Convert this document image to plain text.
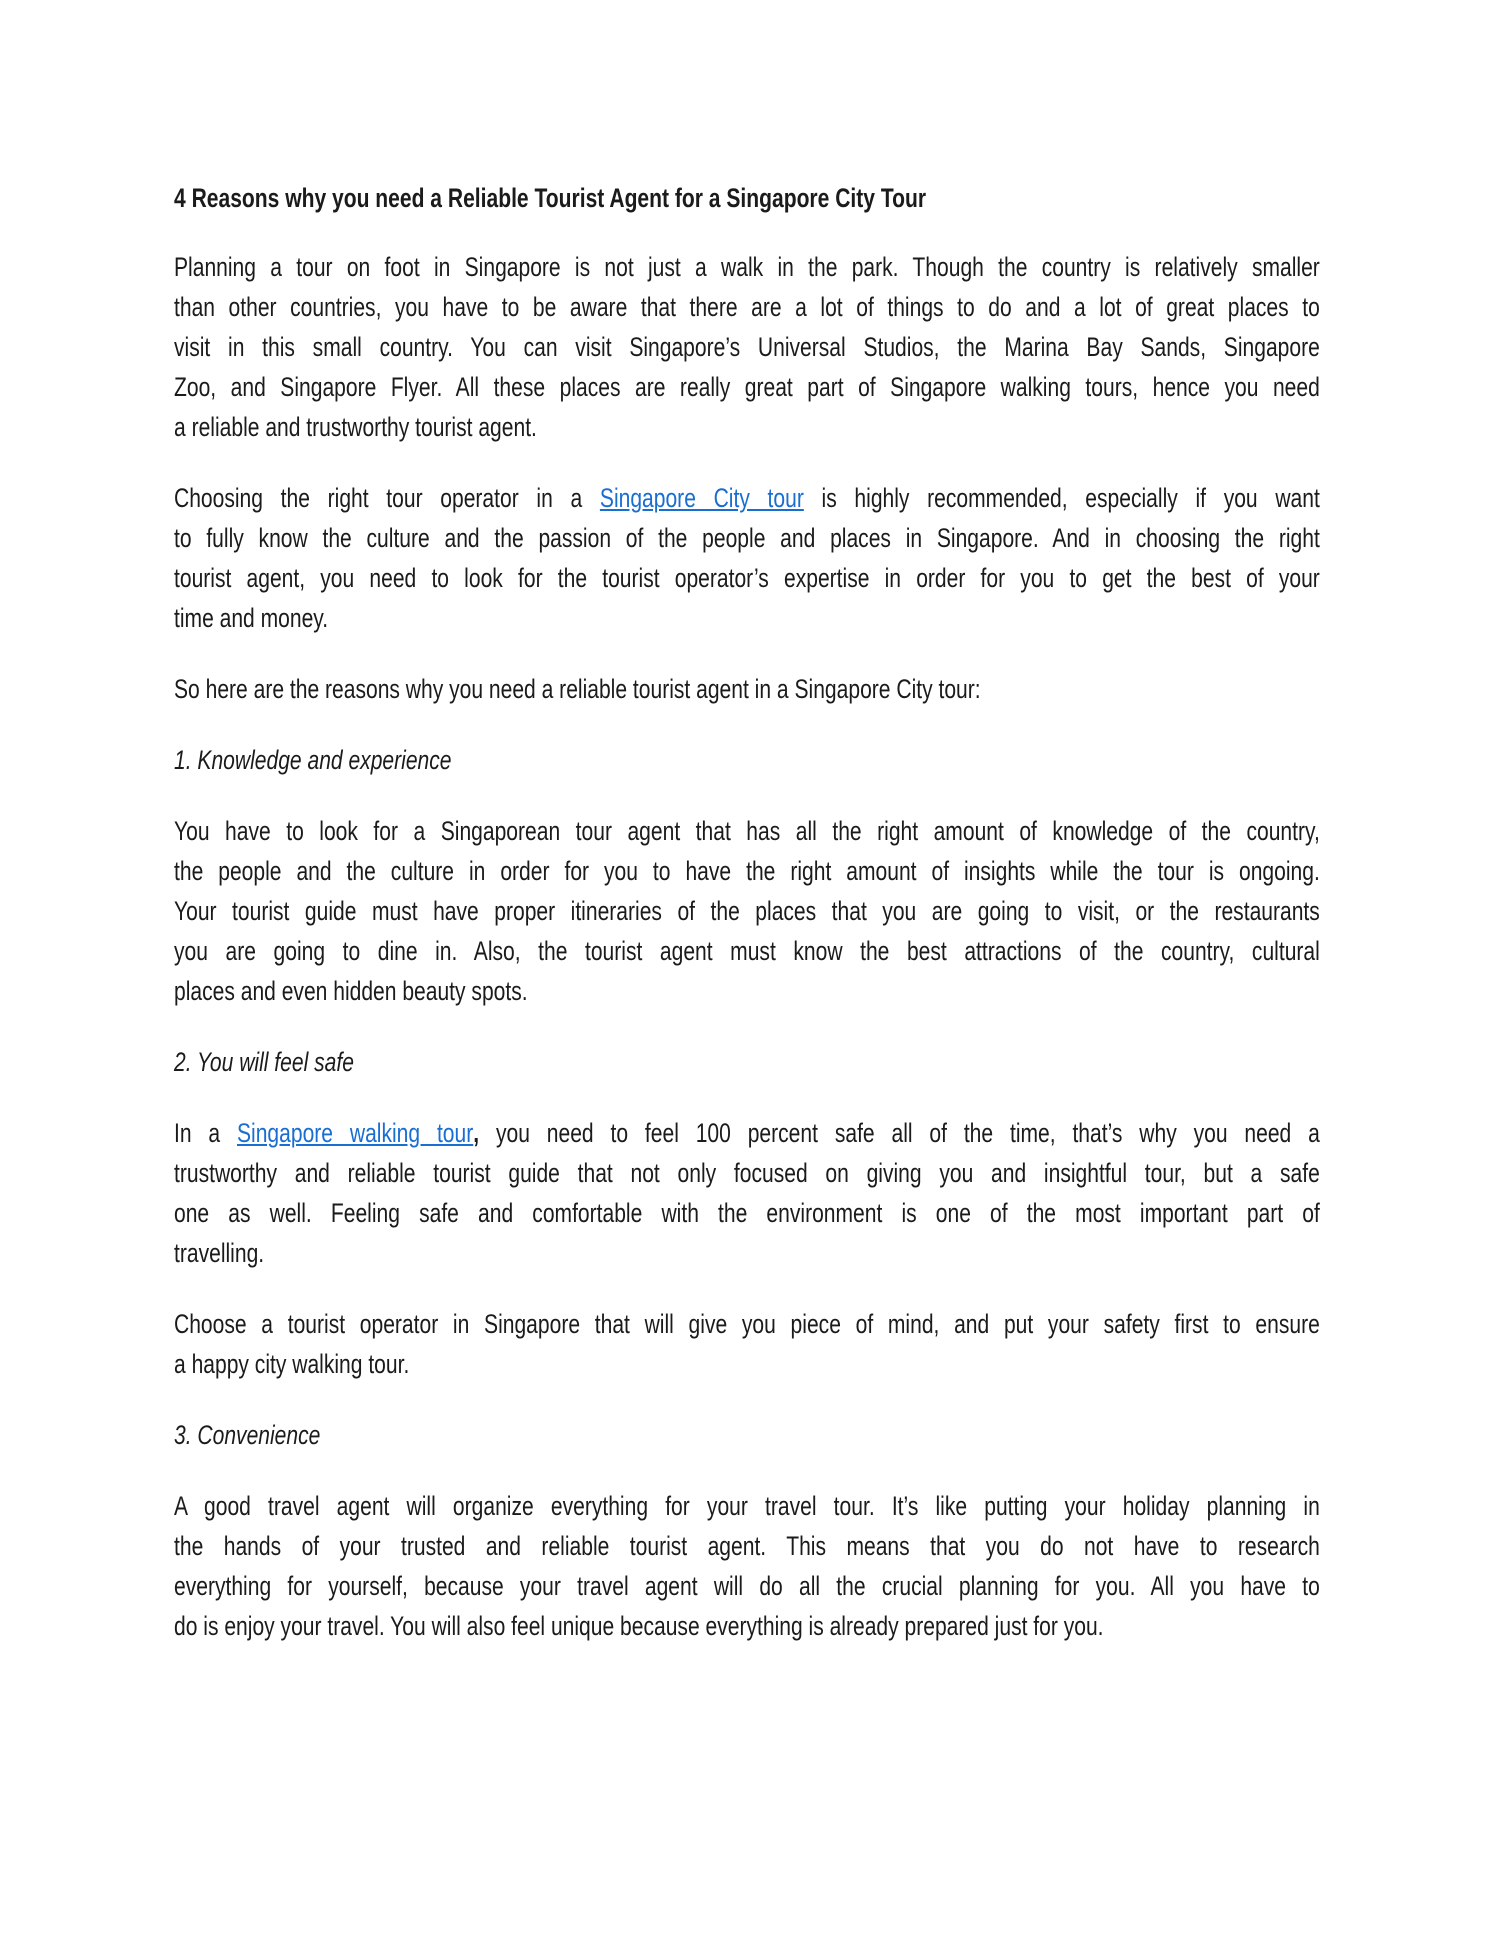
4 Reasons why you need a Reliable Tourist Agent for a Singapore City Tour

Planning a tour on foot in Singapore is not just a walk in the park. Though the country is relatively smaller
than other countries, you have to be aware that there are a lot of things to do and a lot of great places to
visit in this small country. You can visit Singapore’s Universal Studios, the Marina Bay Sands, Singapore
Zoo, and Singapore Flyer. All these places are really great part of Singapore walking tours, hence you need
a reliable and trustworthy tourist agent.

Choosing the right tour operator in a Singapore City tour is highly recommended, especially if you want
to fully know the culture and the passion of the people and places in Singapore. And in choosing the right
tourist agent, you need to look for the tourist operator’s expertise in order for you to get the best of your
time and money.

So here are the reasons why you need a reliable tourist agent in a Singapore City tour:

1. Knowledge and experience

You have to look for a Singaporean tour agent that has all the right amount of knowledge of the country,
the people and the culture in order for you to have the right amount of insights while the tour is ongoing.
Your tourist guide must have proper itineraries of the places that you are going to visit, or the restaurants
you are going to dine in. Also, the tourist agent must know the best attractions of the country, cultural
places and even hidden beauty spots.

2. You will feel safe

In a Singapore walking tour, you need to feel 100 percent safe all of the time, that’s why you need a
trustworthy and reliable tourist guide that not only focused on giving you and insightful tour, but a safe
one as well. Feeling safe and comfortable with the environment is one of the most important part of
travelling.

Choose a tourist operator in Singapore that will give you piece of mind, and put your safety first to ensure
a happy city walking tour.

3. Convenience

A good travel agent will organize everything for your travel tour. It’s like putting your holiday planning in
the hands of your trusted and reliable tourist agent. This means that you do not have to research
everything for yourself, because your travel agent will do all the crucial planning for you. All you have to
do is enjoy your travel. You will also feel unique because everything is already prepared just for you.
